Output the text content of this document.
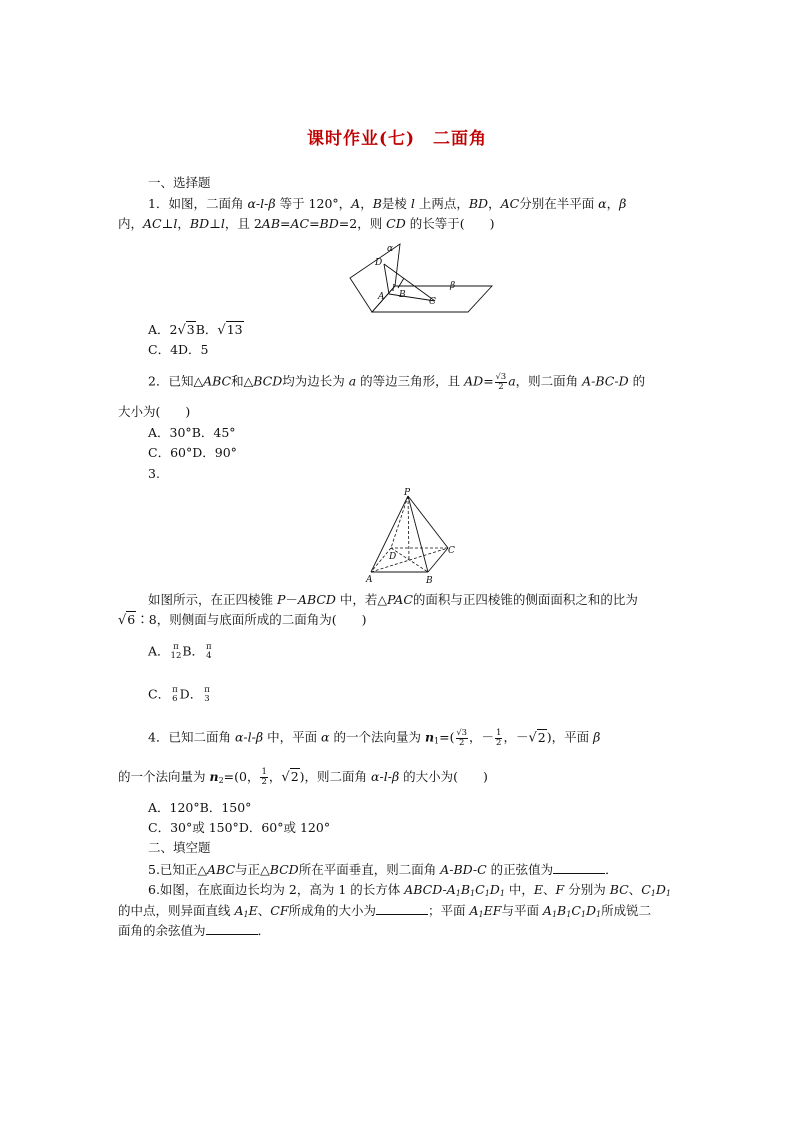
课时作业(七)　二面角
一、选择题
1．如图，二面角 α-l-β 等于 120°，A，B是棱 l 上两点，BD，AC分别在半平面 α，β
内，AC⊥l，BD⊥l，且 2AB=AC=BD=2，则 CD 的长等于(　　)
α
D
l	β
A B
C
A．2√3B．√13
C．4D．5
2．已知△ABC和△BCD均为边长为 a 的等边三角形，且 $AD= \frac{√3}{2}$ a，则二面角 A-BC-D 的
大小为(　　)
A．30°B．45°
C．60°D．90°
3.
P
D
C
A	B
如图所示，在正四棱锥 P－ABCD 中，若△PAC的面积与正四棱锥的侧面面积之和的比为
√6∶8，则侧面与底面所成的二面角为(　　)
A． π
12 B． π
4
C． π
6 D． π
3
4．已知二面角 α-l-β 中，平面 α 的一个法向量为 $n_1=( \frac{√3}{2}$ ，－ $\frac{1}{2}$ ，－√2)，平面 β
的一个法向量为 $n_2=(0$， $\frac{1}{2}$ ，√2)，则二面角 α-l-β 的大小为(　　)
A．120°B．150°
C．30°或 150°D．60°或 120°
二、填空题
5.已知正△ABC与正△BCD所在平面垂直，则二面角 A-BD-C 的正弦值为	．
6.如图，在底面边长均为 2，高为 1 的长方体 ABCD-$A_1B_1C_1D_1$ 中，E、F 分别为 BC、$C_1D_1$
的中点，则异面直线 $A_1E$、CF所成角的大小为	；平面 $A_1EF$与平面 $A_1B_1C_1D_1$所成锐二
面角的余弦值为	．
